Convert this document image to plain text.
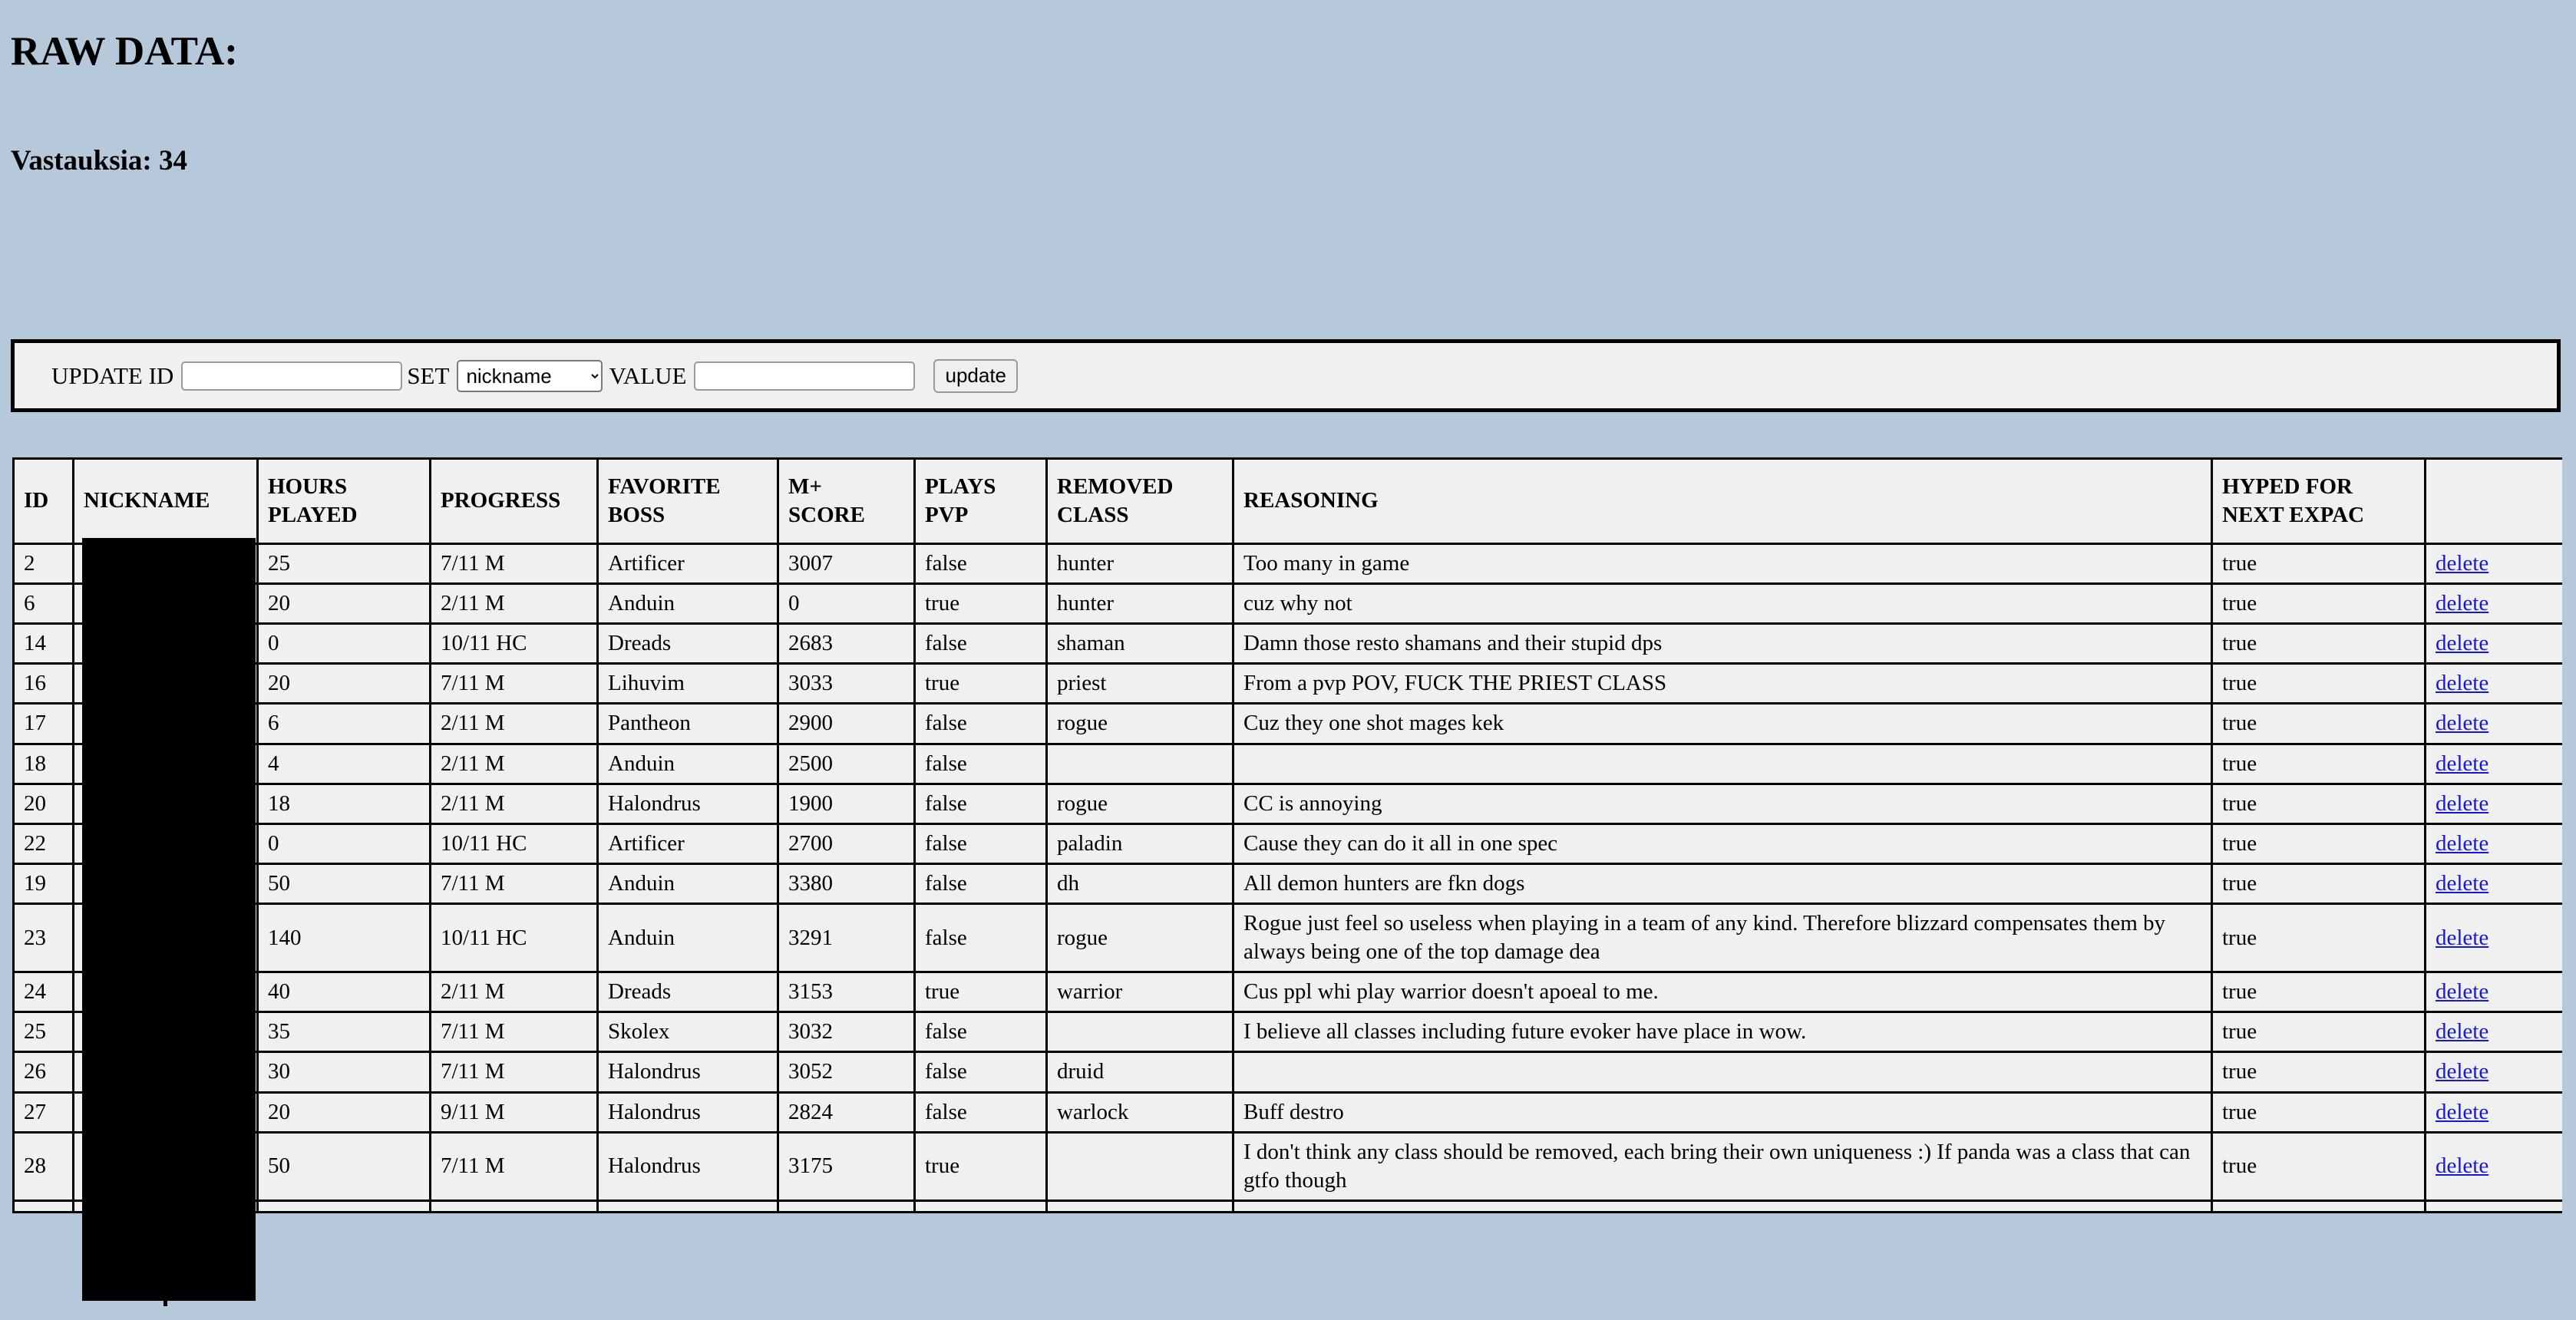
RAW DATA:
Vastauksia: 34
UPDATE ID	SET
nickname	VALUE	update
ID	NICKNAME	HOURS PLAYED	PROGRESS	FAVORITE BOSS	M+ SCORE	PLAYS PVP	REMOVED CLASS	REASONING	HYPED FOR NEXT EXPAC	
2		25	7/11 M	Artificer	3007	false	hunter	Too many in game	true	delete
6		20	2/11 M	Anduin	0	true	hunter	cuz why not	true	delete
14		0	10/11 HC	Dreads	2683	false	shaman	Damn those resto shamans and their stupid dps	true	delete
16		20	7/11 M	Lihuvim	3033	true	priest	From a pvp POV, FUCK THE PRIEST CLASS	true	delete
17		6	2/11 M	Pantheon	2900	false	rogue	Cuz they one shot mages kek	true	delete
18		4	2/11 M	Anduin	2500	false			true	delete
20		18	2/11 M	Halondrus	1900	false	rogue	CC is annoying	true	delete
22		0	10/11 HC	Artificer	2700	false	paladin	Cause they can do it all in one spec	true	delete
19		50	7/11 M	Anduin	3380	false	dh	All demon hunters are fkn dogs	true	delete
23		140	10/11 HC	Anduin	3291	false	rogue	Rogue just feel so useless when playing in a team of any kind. Therefore blizzard compensates them by always being one of the top damage dea	true	delete
24		40	2/11 M	Dreads	3153	true	warrior	Cus ppl whi play warrior doesn't apoeal to me.	true	delete
25		35	7/11 M	Skolex	3032	false		I believe all classes including future evoker have place in wow.	true	delete
26		30	7/11 M	Halondrus	3052	false	druid		true	delete
27		20	9/11 M	Halondrus	2824	false	warlock	Buff destro	true	delete
28		50	7/11 M	Halondrus	3175	true		I don't think any class should be removed, each bring their own uniqueness :) If panda was a class that can gtfo though	true	delete
